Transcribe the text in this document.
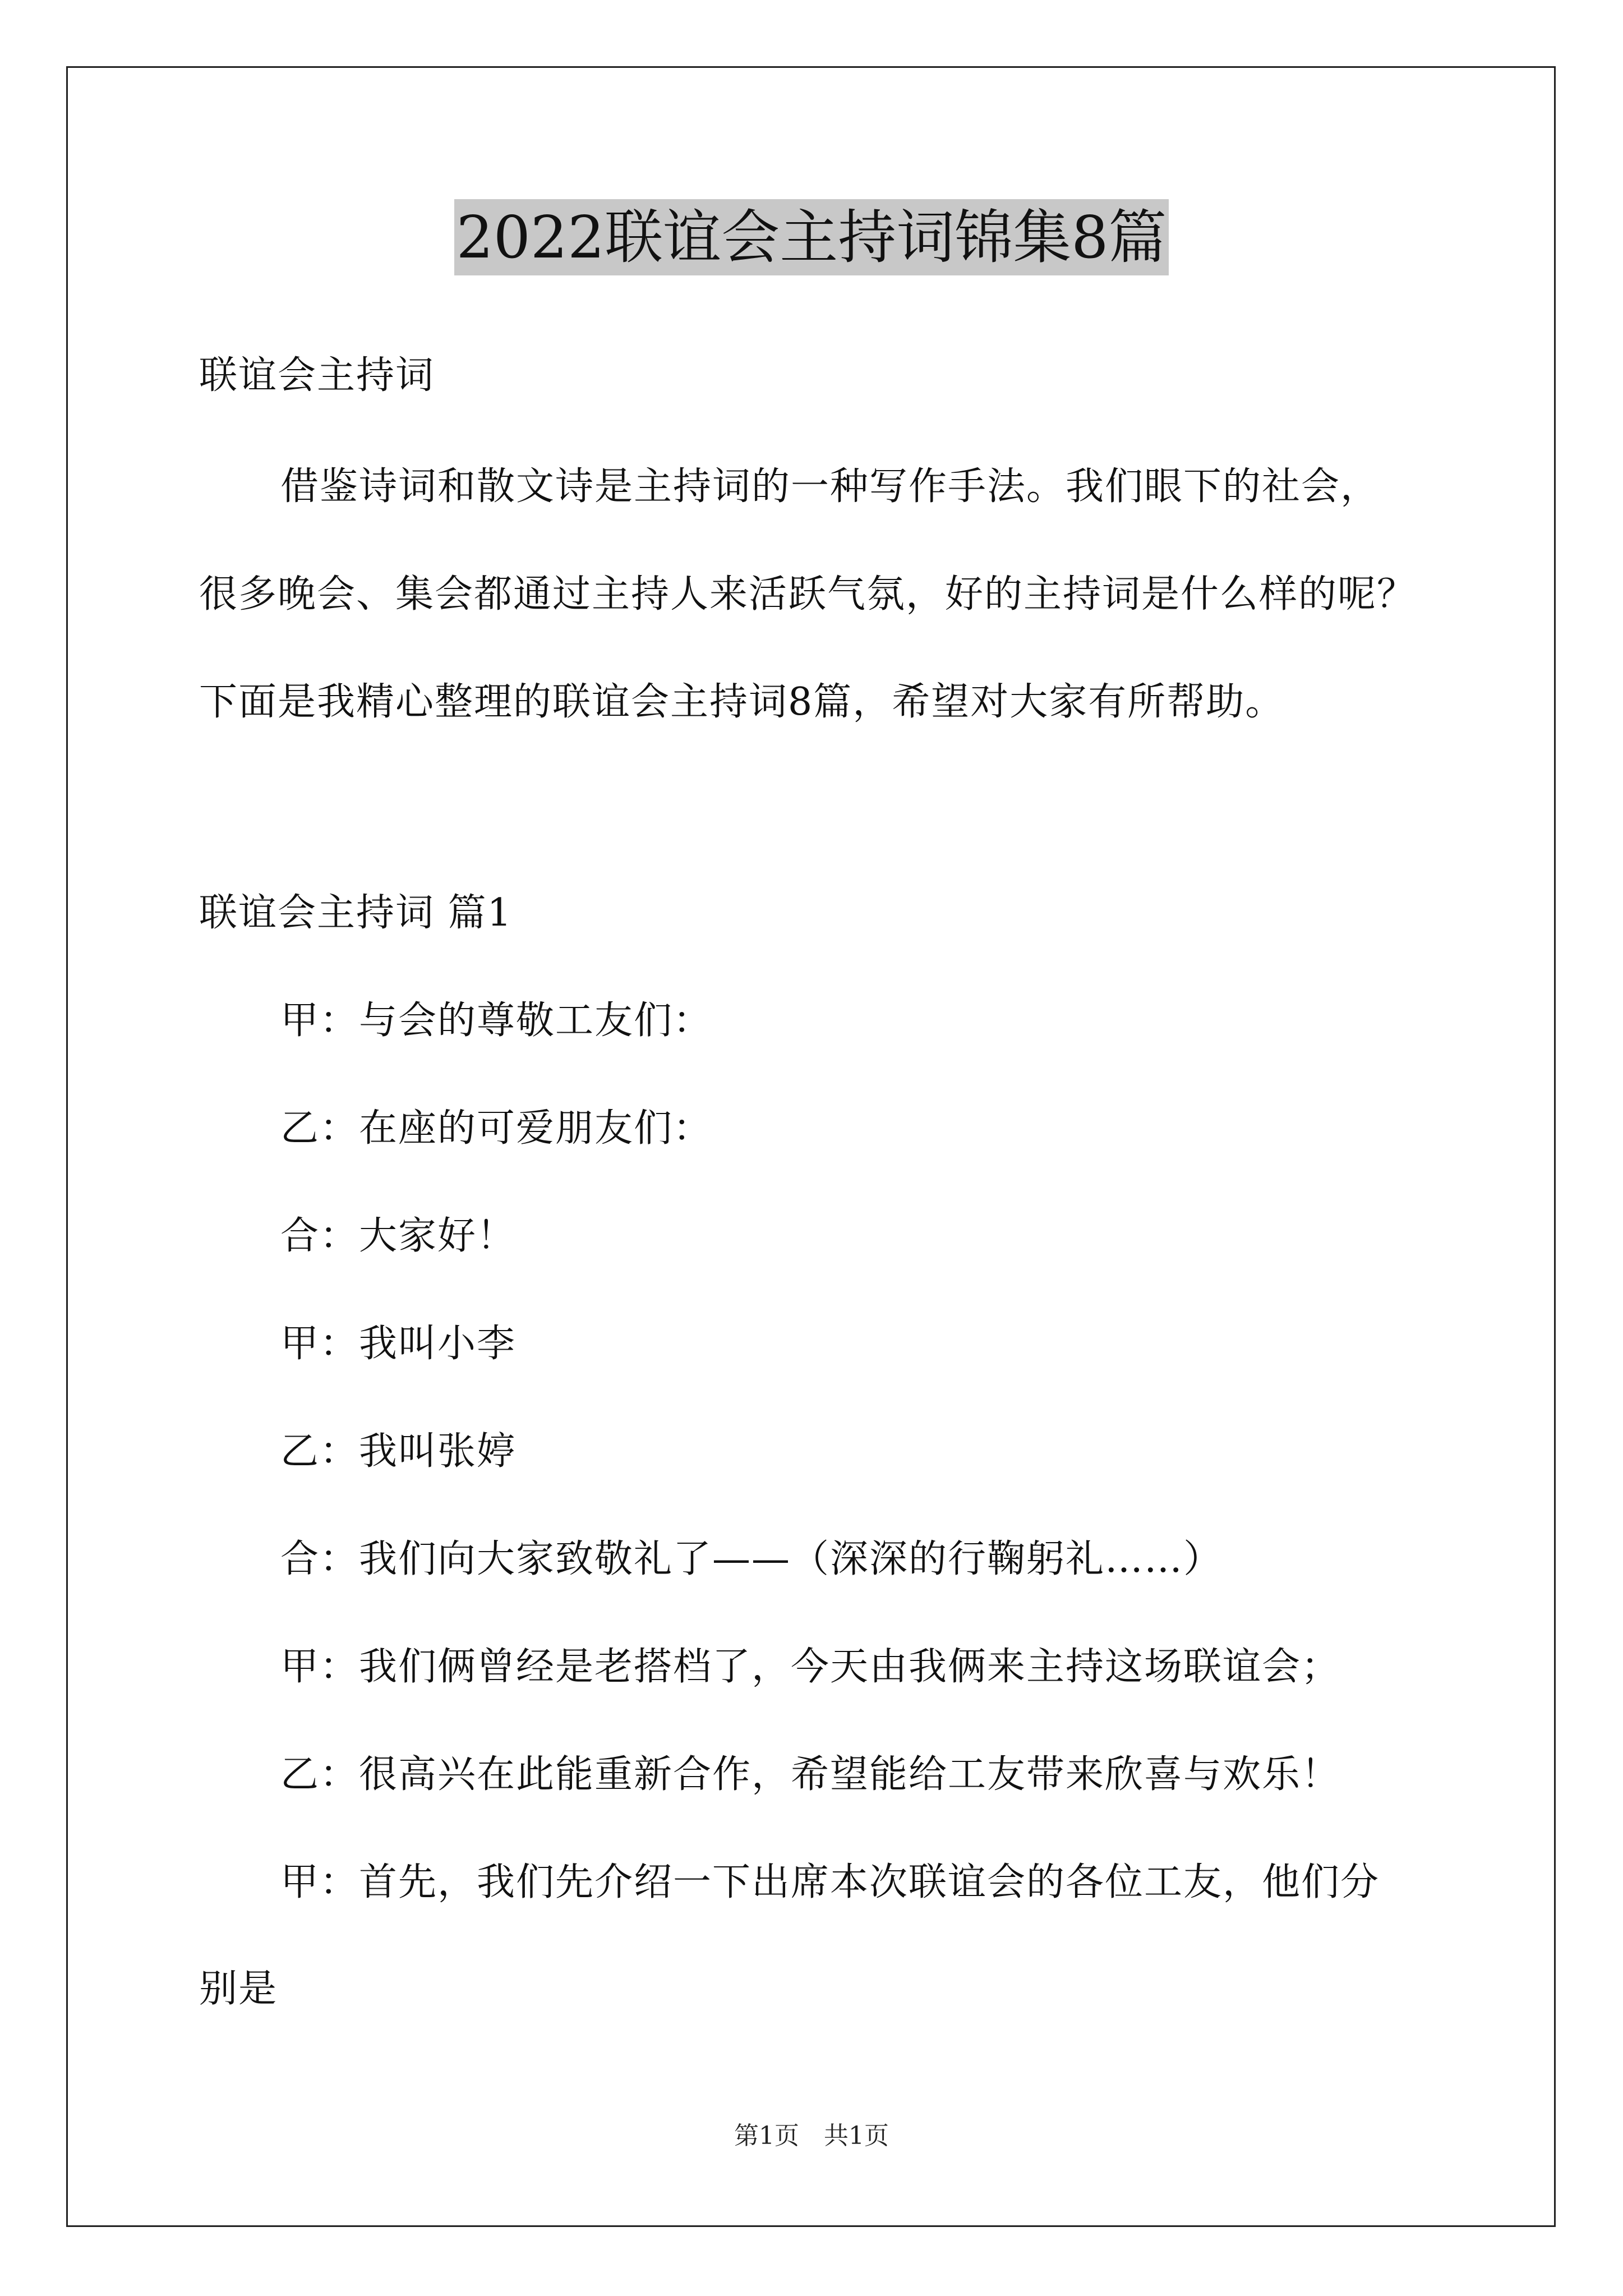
2022联谊会主持词锦集8篇
联谊会主持词
借鉴诗词和散文诗是主持词的一种写作手法。我们眼下的社会，
很多晚会、集会都通过主持人来活跃气氛，好的主持词是什么样的呢？
下面是我精心整理的联谊会主持词8篇，希望对大家有所帮助。
联谊会主持词 篇1
甲：与会的尊敬工友们：
乙：在座的可爱朋友们：
合：大家好！
甲：我叫小李
乙：我叫张婷
合：我们向大家致敬礼了——（深深的行鞠躬礼……）
甲：我们俩曾经是老搭档了，今天由我俩来主持这场联谊会；
乙：很高兴在此能重新合作，希望能给工友带来欣喜与欢乐！
甲：首先，我们先介绍一下出席本次联谊会的各位工友，他们分
别是
第1页　共1页
